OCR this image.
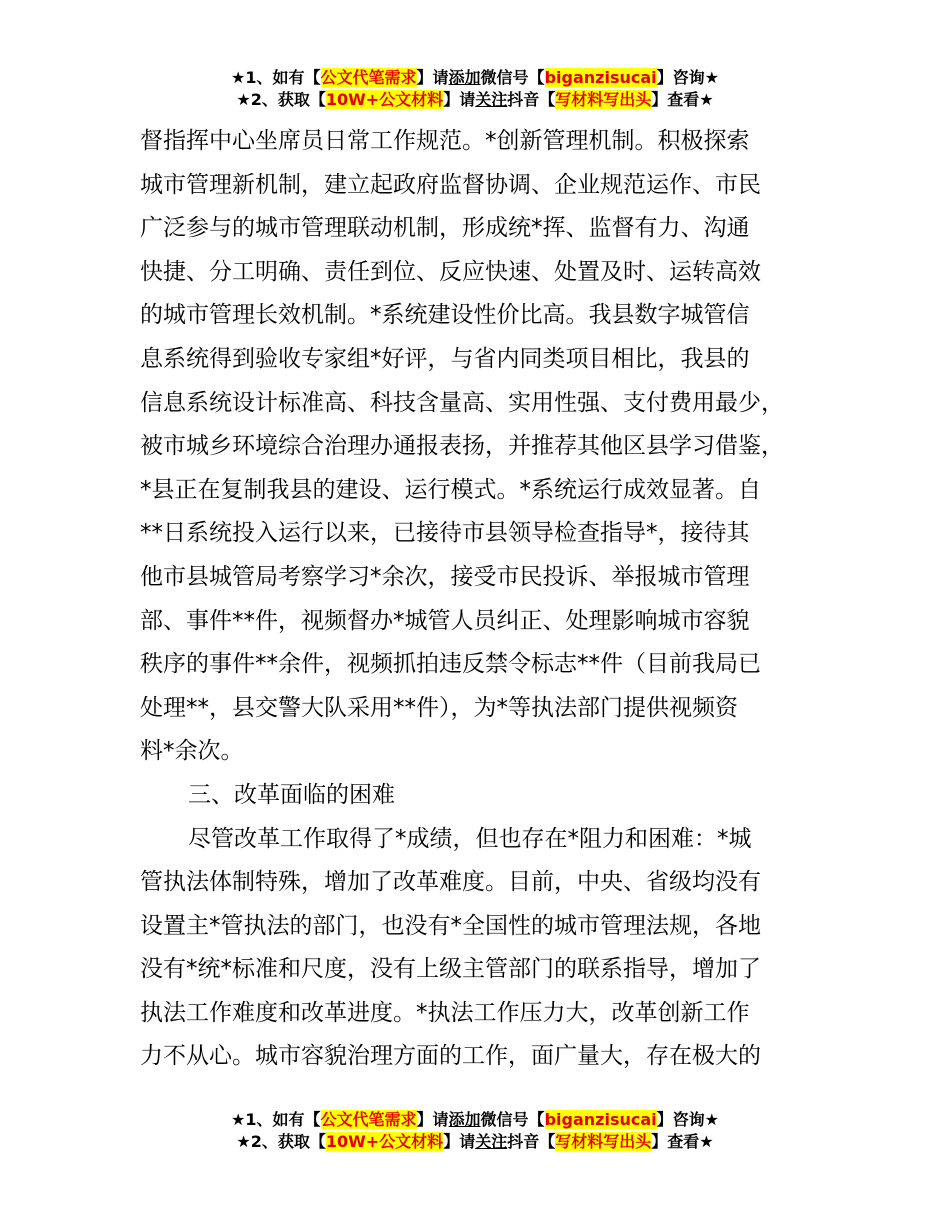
★1、如有【公文代笔需求】请添加微信号【biganzisucai】咨询★
★2、获取【10W+公文材料】请关注抖音【写材料写出头】查看★
督指挥中心坐席员日常工作规范。*创新管理机制。积极探索
城市管理新机制，建立起政府监督协调、企业规范运作、市民
广泛参与的城市管理联动机制，形成统*挥、监督有力、沟通
快捷、分工明确、责任到位、反应快速、处置及时、运转高效
的城市管理长效机制。*系统建设性价比高。我县数字城管信
息系统得到验收专家组*好评，与省内同类项目相比，我县的
信息系统设计标准高、科技含量高、实用性强、支付费用最少，
被市城乡环境综合治理办通报表扬，并推荐其他区县学习借鉴，
*县正在复制我县的建设、运行模式。*系统运行成效显著。自
**日系统投入运行以来，已接待市县领导检查指导*，接待其
他市县城管局考察学习*余次，接受市民投诉、举报城市管理
部、事件**件，视频督办*城管人员纠正、处理影响城市容貌
秩序的事件**余件，视频抓拍违反禁令标志**件（目前我局已
处理**，县交警大队采用**件），为*等执法部门提供视频资
料*余次。
三、改革面临的困难
尽管改革工作取得了*成绩，但也存在*阻力和困难：*城
管执法体制特殊，增加了改革难度。目前，中央、省级均没有
设置主*管执法的部门，也没有*全国性的城市管理法规，各地
没有*统*标准和尺度，没有上级主管部门的联系指导，增加了
执法工作难度和改革进度。*执法工作压力大，改革创新工作
力不从心。城市容貌治理方面的工作，面广量大，存在极大的
★1、如有【公文代笔需求】请添加微信号【biganzisucai】咨询★
★2、获取【10W+公文材料】请关注抖音【写材料写出头】查看★
